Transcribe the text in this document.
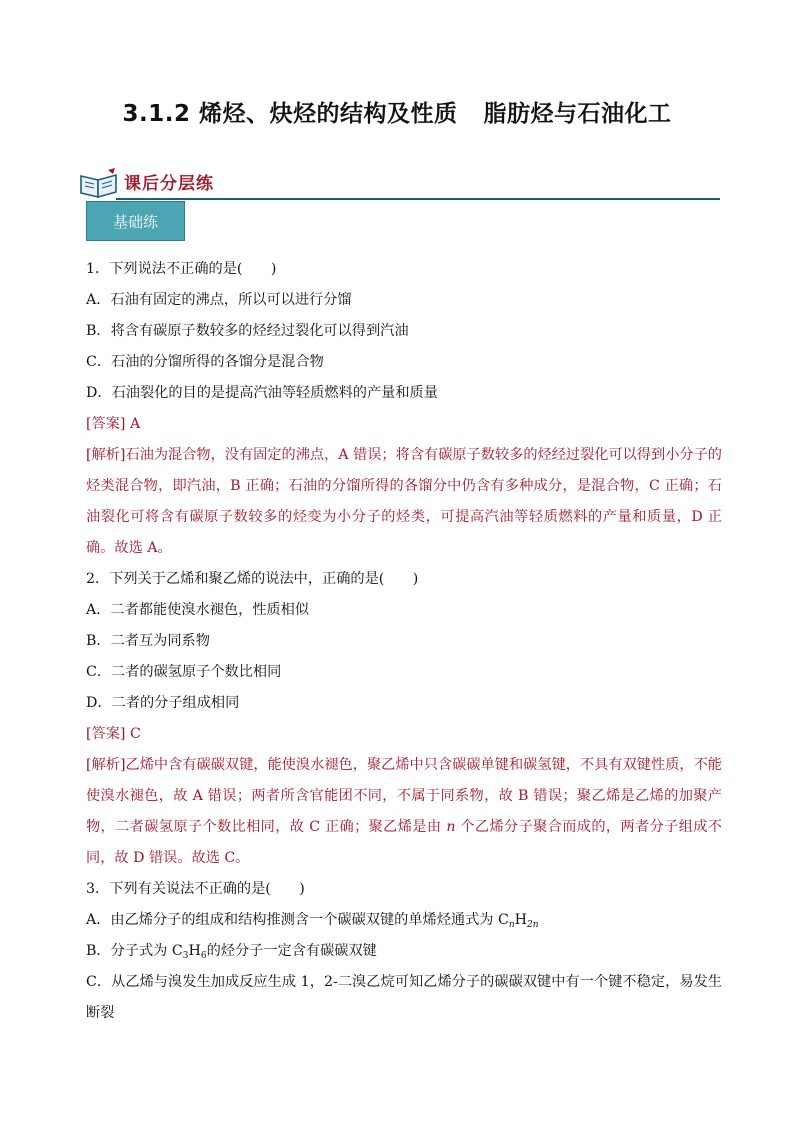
3.1.2 烯烃、炔烃的结构及性质 脂肪烃与石油化工
课后分层练
基础练
1．下列说法不正确的是(　　)
A．石油有固定的沸点，所以可以进行分馏
B．将含有碳原子数较多的烃经过裂化可以得到汽油
C．石油的分馏所得的各馏分是混合物
D．石油裂化的目的是提高汽油等轻质燃料的产量和质量
[答案] A
[解析]石油为混合物，没有固定的沸点，A 错误；将含有碳原子数较多的烃经过裂化可以得到小分子的烃类混合物，即汽油，B 正确；石油的分馏所得的各馏分中仍含有多种成分，是混合物，C 正确；石油裂化可将含有碳原子数较多的烃变为小分子的烃类，可提高汽油等轻质燃料的产量和质量，D 正确。故选 A。
2．下列关于乙烯和聚乙烯的说法中，正确的是(　　)
A．二者都能使溴水褪色，性质相似
B．二者互为同系物
C．二者的碳氢原子个数比相同
D．二者的分子组成相同
[答案] C
[解析]乙烯中含有碳碳双键，能使溴水褪色，聚乙烯中只含碳碳单键和碳氢键，不具有双键性质，不能使溴水褪色，故 A 错误；两者所含官能团不同，不属于同系物，故 B 错误；聚乙烯是乙烯的加聚产物，二者碳氢原子个数比相同，故 C 正确；聚乙烯是由 n 个乙烯分子聚合而成的，两者分子组成不同，故 D 错误。故选 C。
3．下列有关说法不正确的是(　　)
A．由乙烯分子的组成和结构推测含一个碳碳双键的单烯烃通式为 $C_nH_{2n}$
B．分子式为 $C_3H_6$的烃分子一定含有碳碳双键
C．从乙烯与溴发生加成反应生成 1，2-二溴乙烷可知乙烯分子的碳碳双键中有一个键不稳定，易发生断裂
